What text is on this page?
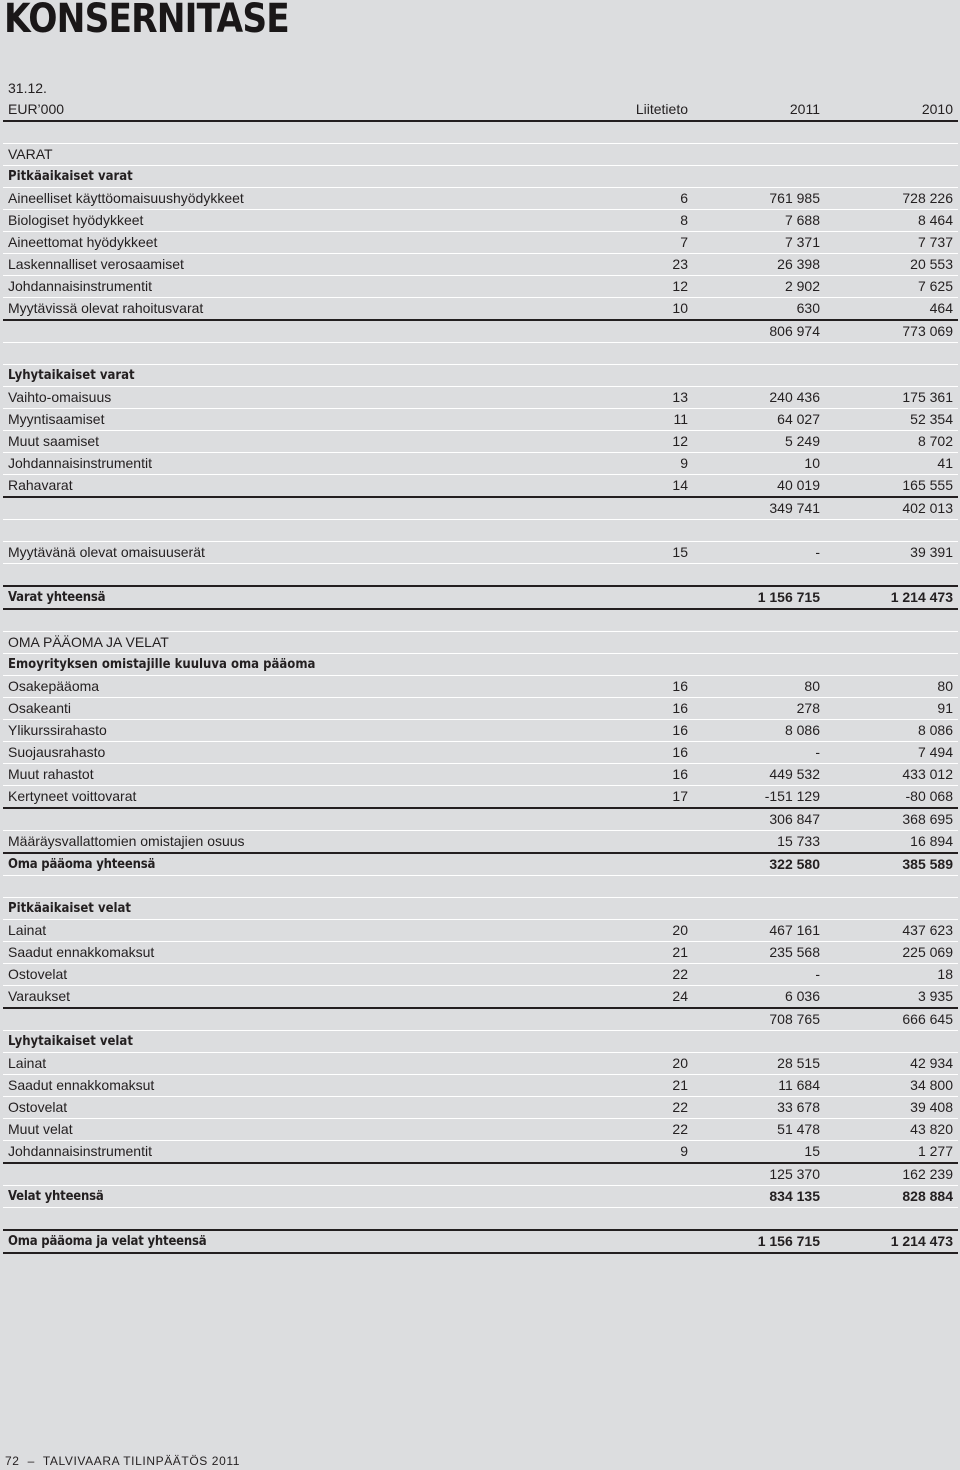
KONSERNITASE
31.12.
EUR’000	Liitetieto	2011	2010

VARAT			
Pitkäaikaiset varat			
Aineelliset käyttöomaisuushyödykkeet	6	761 985	728 226
Biologiset hyödykkeet	8	7 688	8 464
Aineettomat hyödykkeet	7	7 371	7 737
Laskennalliset verosaamiset	23	26 398	20 553
Johdannaisinstrumentit	12	2 902	7 625
Myytävissä olevat rahoitusvarat	10	630	464
		806 974	773 069

Lyhytaikaiset varat			
Vaihto-omaisuus	13	240 436	175 361
Myyntisaamiset	11	64 027	52 354
Muut saamiset	12	5 249	8 702
Johdannaisinstrumentit	9	10	41
Rahavarat	14	40 019	165 555
		349 741	402 013

Myytävänä olevat omaisuuserät	15	-	39 391

Varat yhteensä		1 156 715	1 214 473

OMA PÄÄOMA JA VELAT			
Emoyrityksen omistajille kuuluva oma pääoma			
Osakepääoma	16	80	80
Osakeanti	16	278	91
Ylikurssirahasto	16	8 086	8 086
Suojausrahasto	16	-	7 494
Muut rahastot	16	449 532	433 012
Kertyneet voittovarat	17	-151 129	-80 068
		306 847	368 695
Määräysvallattomien omistajien osuus		15 733	16 894
Oma pääoma yhteensä		322 580	385 589

Pitkäaikaiset velat			
Lainat	20	467 161	437 623
Saadut ennakkomaksut	21	235 568	225 069
Ostovelat	22	-	18
Varaukset	24	6 036	3 935
		708 765	666 645
Lyhytaikaiset velat			
Lainat	20	28 515	42 934
Saadut ennakkomaksut	21	11 684	34 800
Ostovelat	22	33 678	39 408
Muut velat	22	51 478	43 820
Johdannaisinstrumentit	9	15	1 277
		125 370	162 239
Velat yhteensä		834 135	828 884

Oma pääoma ja velat yhteensä		1 156 715	1 214 473
72 – TALVIVAARA TILINPÄÄTÖS 2011
